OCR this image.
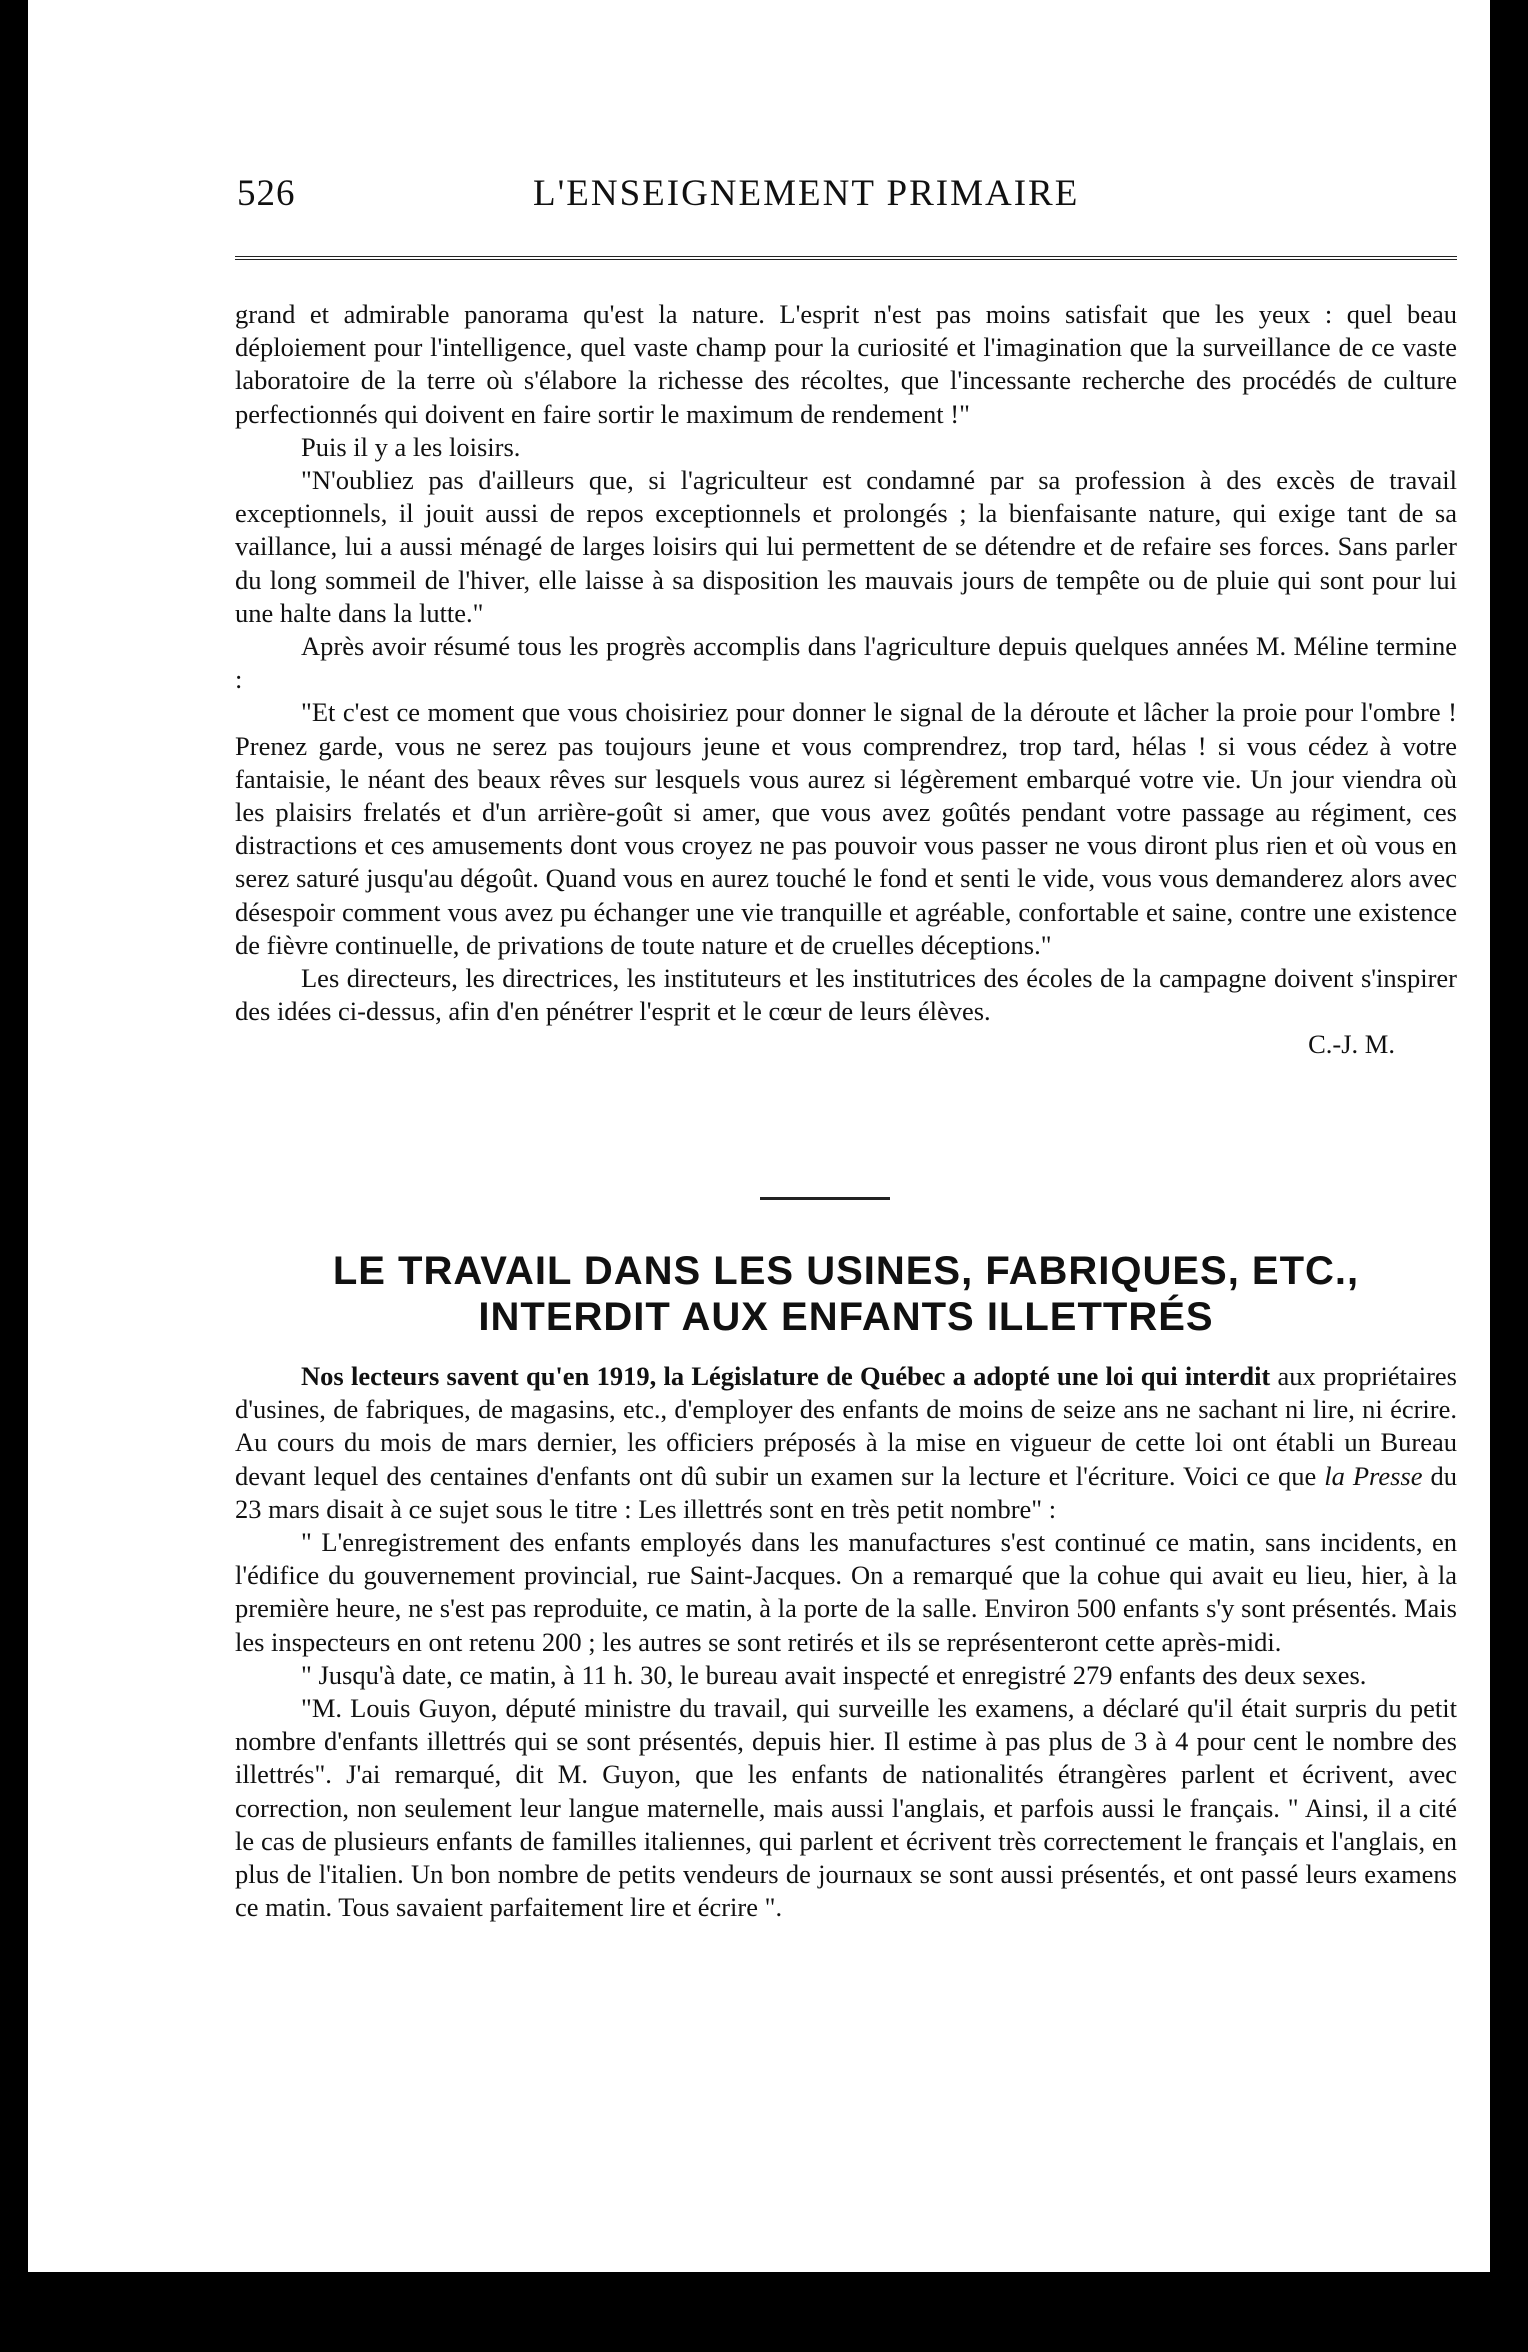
526	L'ENSEIGNEMENT PRIMAIRE

grand et admirable panorama qu'est la nature. L'esprit n'est pas moins satisfait que les yeux : quel beau déploiement pour l'intelligence, quel vaste champ pour la curiosité et l'imagination que la surveillance de ce vaste laboratoire de la terre où s'élabore la richesse des récoltes, que l'incessante recherche des procédés de culture perfectionnés qui doivent en faire sortir le maximum de rendement !"

Puis il y a les loisirs.

"N'oubliez pas d'ailleurs que, si l'agriculteur est condamné par sa profession à des excès de travail exceptionnels, il jouit aussi de repos exceptionnels et prolongés ; la bienfaisante nature, qui exige tant de sa vaillance, lui a aussi ménagé de larges loisirs qui lui permettent de se détendre et de refaire ses forces. Sans parler du long sommeil de l'hiver, elle laisse à sa disposition les mauvais jours de tempête ou de pluie qui sont pour lui une halte dans la lutte."

Après avoir résumé tous les progrès accomplis dans l'agriculture depuis quelques années M. Méline termine :

"Et c'est ce moment que vous choisiriez pour donner le signal de la déroute et lâcher la proie pour l'ombre ! Prenez garde, vous ne serez pas toujours jeune et vous comprendrez, trop tard, hélas ! si vous cédez à votre fantaisie, le néant des beaux rêves sur lesquels vous aurez si légèrement embarqué votre vie. Un jour viendra où les plaisirs frelatés et d'un arrière-goût si amer, que vous avez goûtés pendant votre passage au régiment, ces distractions et ces amusements dont vous croyez ne pas pouvoir vous passer ne vous diront plus rien et où vous en serez saturé jusqu'au dégoût. Quand vous en aurez touché le fond et senti le vide, vous vous demanderez alors avec désespoir comment vous avez pu échanger une vie tranquille et agréable, confortable et saine, contre une existence de fièvre continuelle, de privations de toute nature et de cruelles déceptions."

Les directeurs, les directrices, les instituteurs et les institutrices des écoles de la campagne doivent s'inspirer des idées ci-dessus, afin d'en pénétrer l'esprit et le cœur de leurs élèves.

C.-J. M.

LE TRAVAIL DANS LES USINES, FABRIQUES, ETC.,
INTERDIT AUX ENFANTS ILLETTRÉS

Nos lecteurs savent qu'en 1919, la Législature de Québec a adopté une loi qui interdit aux propriétaires d'usines, de fabriques, de magasins, etc., d'employer des enfants de moins de seize ans ne sachant ni lire, ni écrire. Au cours du mois de mars dernier, les officiers préposés à la mise en vigueur de cette loi ont établi un Bureau devant lequel des centaines d'enfants ont dû subir un examen sur la lecture et l'écriture. Voici ce que la Presse du 23 mars disait à ce sujet sous le titre : Les illettrés sont en très petit nombre" :

" L'enregistrement des enfants employés dans les manufactures s'est continué ce matin, sans incidents, en l'édifice du gouvernement provincial, rue Saint-Jacques. On a remarqué que la cohue qui avait eu lieu, hier, à la première heure, ne s'est pas reproduite, ce matin, à la porte de la salle. Environ 500 enfants s'y sont présentés. Mais les inspecteurs en ont retenu 200 ; les autres se sont retirés et ils se représenteront cette après-midi.

" Jusqu'à date, ce matin, à 11 h. 30, le bureau avait inspecté et enregistré 279 enfants des deux sexes.

"M. Louis Guyon, député ministre du travail, qui surveille les examens, a déclaré qu'il était surpris du petit nombre d'enfants illettrés qui se sont présentés, depuis hier. Il estime à pas plus de 3 à 4 pour cent le nombre des illettrés". J'ai remarqué, dit M. Guyon, que les enfants de nationalités étrangères parlent et écrivent, avec correction, non seulement leur langue maternelle, mais aussi l'anglais, et parfois aussi le français. " Ainsi, il a cité le cas de plusieurs enfants de familles italiennes, qui parlent et écrivent très correctement le français et l'anglais, en plus de l'italien. Un bon nombre de petits vendeurs de journaux se sont aussi présentés, et ont passé leurs examens ce matin. Tous savaient parfaitement lire et écrire ".
